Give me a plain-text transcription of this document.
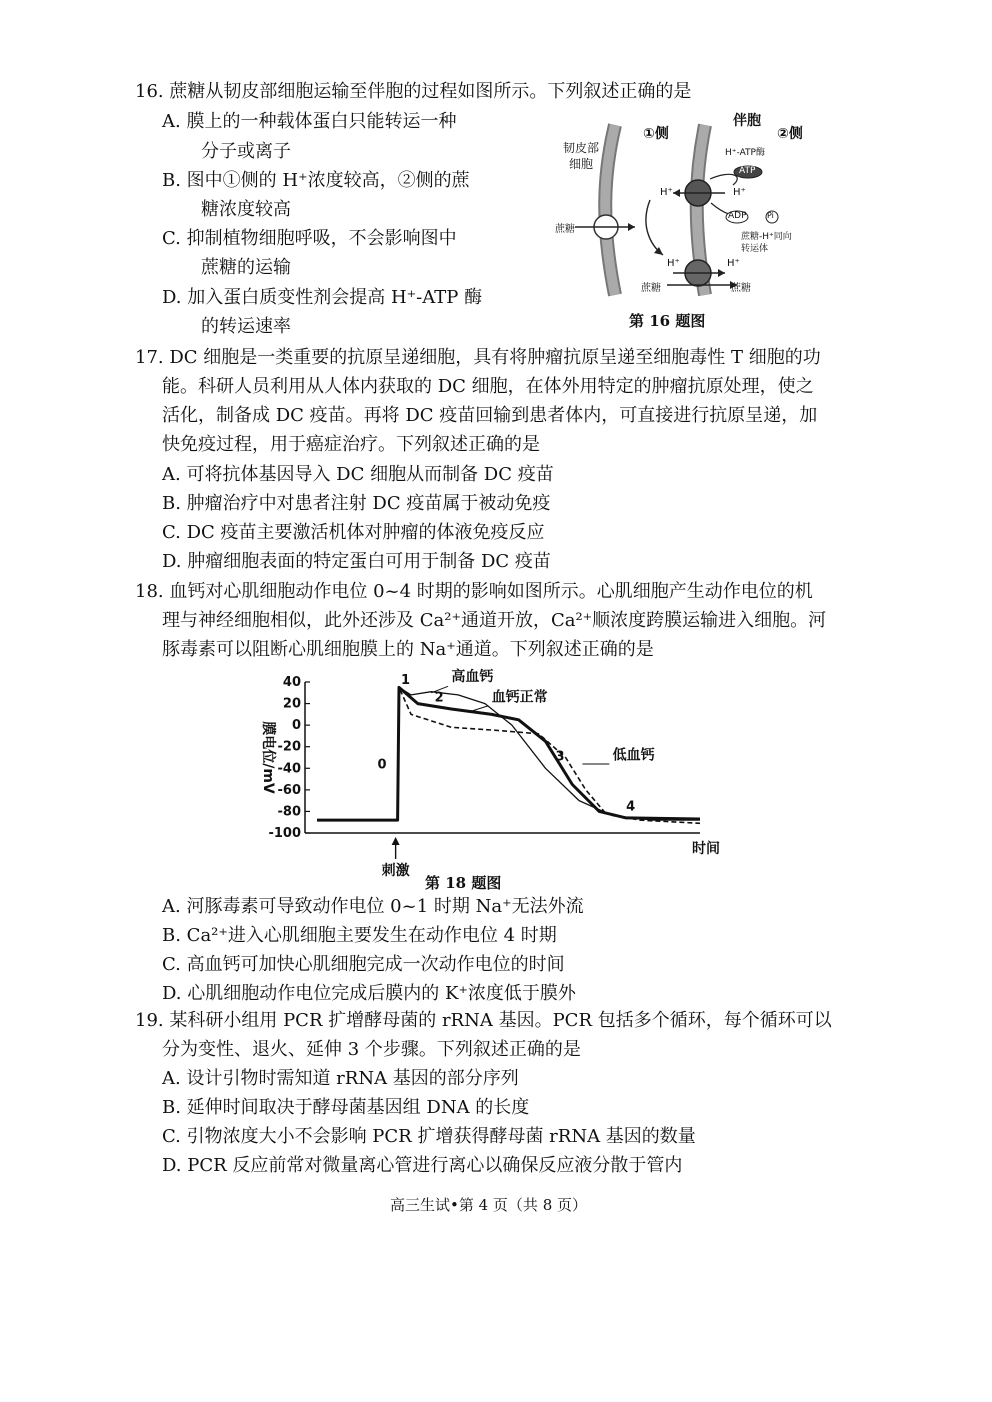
16. 蔗糖从韧皮部细胞运输至伴胞的过程如图所示。下列叙述正确的是
A. 膜上的一种载体蛋白只能转运一种
分子或离子
B. 图中①侧的 H⁺浓度较高，②侧的蔗
糖浓度较高
C. 抑制植物细胞呼吸，不会影响图中
蔗糖的运输
D. 加入蛋白质变性剂会提高 H⁺-ATP 酶
的转运速率
伴胞
①侧	②侧
韧皮部
细胞
H⁺-ATP酶
ATP
ADP	Pi
H⁺	H⁺
H⁺	H⁺
蔗糖
蔗糖	蔗糖
蔗糖-H⁺同向
转运体
第 16 题图
17. DC 细胞是一类重要的抗原呈递细胞，具有将肿瘤抗原呈递至细胞毒性 T 细胞的功
能。科研人员利用从人体内获取的 DC 细胞，在体外用特定的肿瘤抗原处理，使之
活化，制备成 DC 疫苗。再将 DC 疫苗回输到患者体内，可直接进行抗原呈递，加
快免疫过程，用于癌症治疗。下列叙述正确的是
A. 可将抗体基因导入 DC 细胞从而制备 DC 疫苗
B. 肿瘤治疗中对患者注射 DC 疫苗属于被动免疫
C. DC 疫苗主要激活机体对肿瘤的体液免疫反应
D. 肿瘤细胞表面的特定蛋白可用于制备 DC 疫苗
18. 血钙对心肌细胞动作电位 0~4 时期的影响如图所示。心肌细胞产生动作电位的机
理与神经细胞相似，此外还涉及 Ca²⁺通道开放，Ca²⁺顺浓度跨膜运输进入细胞。河
豚毒素可以阻断心肌细胞膜上的 Na⁺通道。下列叙述正确的是
40
20
0
-20
-40
-60
-80
-100
膜电位/mV
时间
刺激
高血钙
血钙正常
低血钙
0
1
2
3
4
第 18 题图
A. 河豚毒素可导致动作电位 0~1 时期 Na⁺无法外流
B. Ca²⁺进入心肌细胞主要发生在动作电位 4 时期
C. 高血钙可加快心肌细胞完成一次动作电位的时间
D. 心肌细胞动作电位完成后膜内的 K⁺浓度低于膜外
19. 某科研小组用 PCR 扩增酵母菌的 rRNA 基因。PCR 包括多个循环，每个循环可以
分为变性、退火、延伸 3 个步骤。下列叙述正确的是
A. 设计引物时需知道 rRNA 基因的部分序列
B. 延伸时间取决于酵母菌基因组 DNA 的长度
C. 引物浓度大小不会影响 PCR 扩增获得酵母菌 rRNA 基因的数量
D. PCR 反应前常对微量离心管进行离心以确保反应液分散于管内
高三生试•第 4 页（共 8 页）
